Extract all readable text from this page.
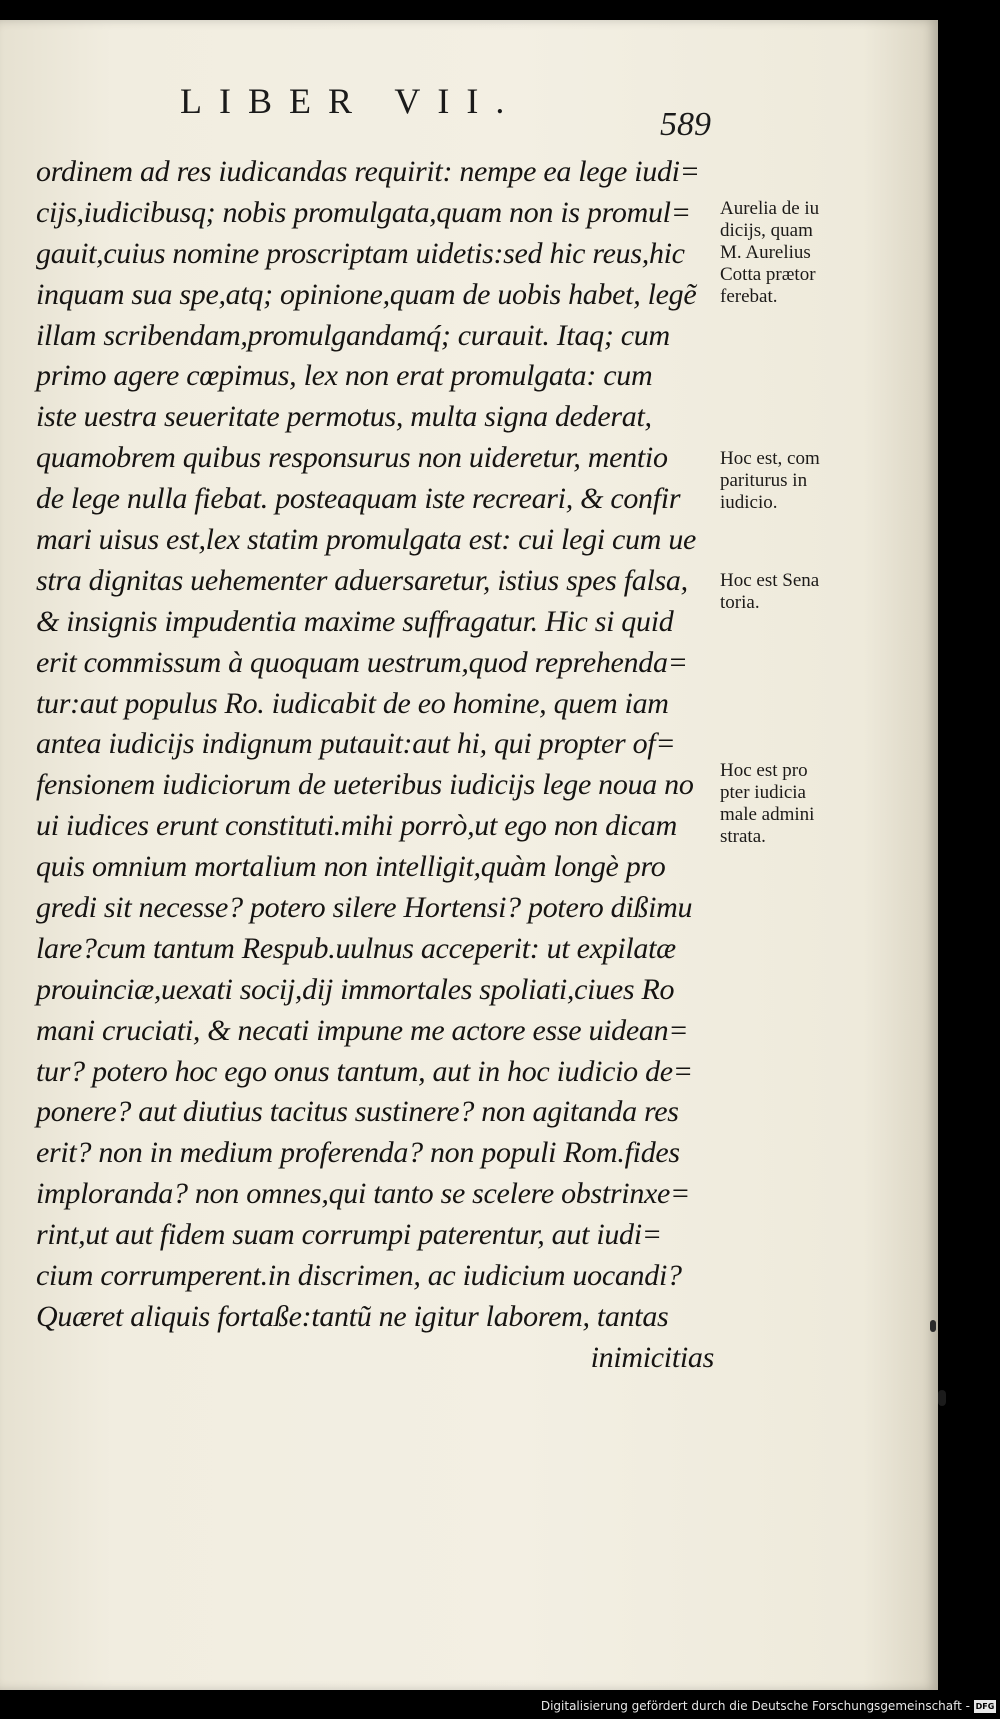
LIBER VII.
589
ordinem ad res iudicandas requirit: nempe ea lege iudi=
cijs,iudicibusq; nobis promulgata,quam non is promul=
gauit,cuius nomine proscriptam uidetis:sed hic reus,hic
inquam sua spe,atq; opinione,quam de uobis habet, legẽ
illam scribendam,promulgandamq́; curauit. Itaq; cum
primo agere cœpimus, lex non erat promulgata: cum
iste uestra seueritate permotus, multa signa dederat,
quamobrem quibus responsurus non uideretur, mentio
de lege nulla fiebat. posteaquam iste recreari, & confir
mari uisus est,lex statim promulgata est: cui legi cum ue
stra dignitas uehementer aduersaretur, istius spes falsa,
& insignis impudentia maxime suffragatur. Hic si quid
erit commissum à quoquam uestrum,quod reprehenda=
tur:aut populus Ro. iudicabit de eo homine, quem iam
antea iudicijs indignum putauit:aut hi, qui propter of=
fensionem iudiciorum de ueteribus iudicijs lege noua no
ui iudices erunt constituti.mihi porrò,ut ego non dicam
quis omnium mortalium non intelligit,quàm longè pro
gredi sit necesse? potero silere Hortensi? potero dißimu
lare?cum tantum Respub.uulnus acceperit: ut expilatæ
prouinciæ,uexati socij,dij immortales spoliati,ciues Ro
mani cruciati, & necati impune me actore esse uidean=
tur? potero hoc ego onus tantum, aut in hoc iudicio de=
ponere? aut diutius tacitus sustinere? non agitanda res
erit? non in medium proferenda? non populi Rom.fides
imploranda? non omnes,qui tanto se scelere obstrinxe=
rint,ut aut fidem suam corrumpi paterentur, aut iudi=
cium corrumperent.in discrimen, ac iudicium uocandi?
Quæret aliquis fortaße:tantũ ne igitur laborem, tantas
inimicitias
Aurelia de iu
dicijs, quam
M. Aurelius
Cotta prætor
ferebat.
Hoc est, com
pariturus in
iudicio.
Hoc est Sena
toria.
Hoc est pro
pter iudicia
male admini
strata.
Digitalisierung gefördert durch die Deutsche Forschungsgemeinschaft - DFG
